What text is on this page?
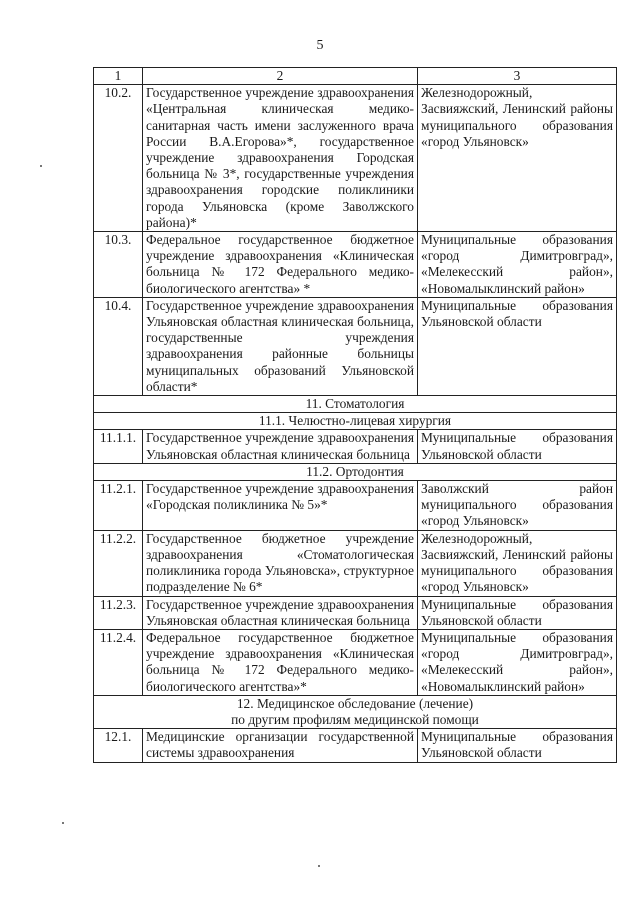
5
1	2	3
10.2.	Государственное учреждение здравоохранения «Центральная клиническая медико-санитарная часть имени заслуженного врача России В.А.Егорова»*, государственное учреждение здравоохранения Городская больница № 3*, государственные учреждения здравоохранения городские поликлиники города Ульяновска (кроме Заволжского района)*	Железнодорожный, Засвияжский, Ленинский районы муниципального образования «город Ульяновск»
10.3.	Федеральное государственное бюджетное учреждение здравоохранения «Клиническая больница № 172 Федерального медико-биологического агентства» *	Муниципальные образования «город Димитровград», «Мелекесский район», «Новомалыклинский район»
10.4.	Государственное учреждение здравоохранения Ульяновская областная клиническая больница, государственные учреждения здравоохранения районные больницы муниципальных образований Ульяновской области*	Муниципальные образования Ульяновской области

11. Стоматология		

11.1. Челюстно-лицевая хирургия		

11.1.1.	Государственное учреждение здравоохранения Ульяновская областная клиническая больница	Муниципальные образования Ульяновской области

11.2. Ортодонтия		

11.2.1.	Государственное учреждение здравоохранения «Городская поликлиника № 5»*	Заволжский район муниципального образования «город Ульяновск»
11.2.2.	Государственное бюджетное учреждение здравоохранения «Стоматологическая поликлиника города Ульяновска», структурное подразделение № 6*	Железнодорожный, Засвияжский, Ленинский районы муниципального образования «город Ульяновск»
11.2.3.	Государственное учреждение здравоохранения Ульяновская областная клиническая больница	Муниципальные образования Ульяновской области
11.2.4.	Федеральное государственное бюджетное учреждение здравоохранения «Клиническая больница № 172 Федерального медико-биологического агентства»*	Муниципальные образования «город Димитровград», «Мелекесский район», «Новомалыклинский район»

12. Медицинское обследование (лечение)
по другим профилям медицинской помощи		

12.1.	Медицинские организации государственной системы здравоохранения	Муниципальные образования Ульяновской области
